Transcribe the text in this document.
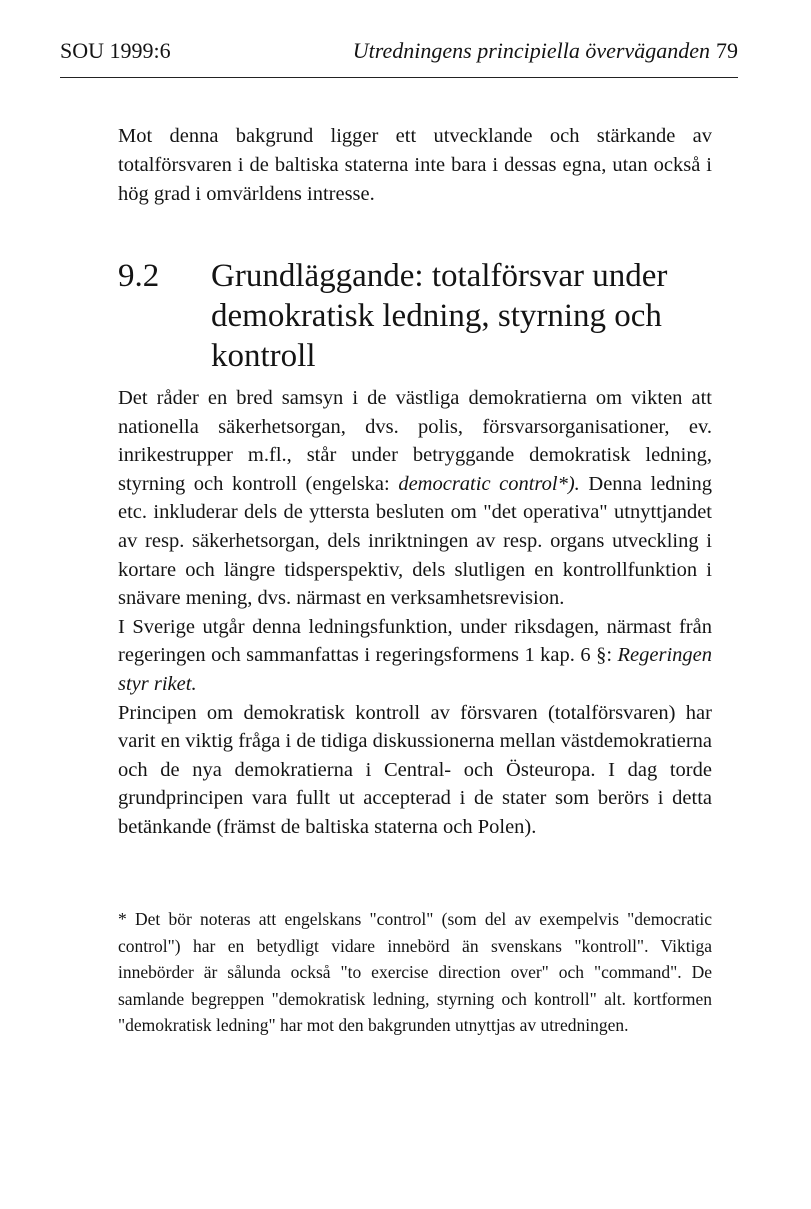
SOU 1999:6	Utredningens principiella överväganden 79
Mot denna bakgrund ligger ett utvecklande och stärkande av totalförsvaren i de baltiska staterna inte bara i dessas egna, utan också i hög grad i omvärldens intresse.
9.2 Grundläggande: totalförsvar under demokratisk ledning, styrning och kontroll

Det råder en bred samsyn i de västliga demokratierna om vikten att nationella säkerhetsorgan, dvs. polis, försvarsorganisationer, ev. inrikestrupper m.fl., står under betryggande demokratisk ledning, styrning och kontroll (engelska: democratic control*). Denna ledning etc. inkluderar dels de yttersta besluten om "det operativa" utnyttjandet av resp. säkerhetsorgan, dels inriktningen av resp. organs utveckling i kortare och längre tidsperspektiv, dels slutligen en kontrollfunktion i snävare mening, dvs. närmast en verksamhetsrevision.

I Sverige utgår denna ledningsfunktion, under riksdagen, närmast från regeringen och sammanfattas i regeringsformens 1 kap. 6 §: Regeringen styr riket.

Principen om demokratisk kontroll av försvaren (totalförsvaren) har varit en viktig fråga i de tidiga diskussionerna mellan västdemokratierna och de nya demokratierna i Central- och Östeuropa. I dag torde grundprincipen vara fullt ut accepterad i de stater som berörs i detta betänkande (främst de baltiska staterna och Polen).

* Det bör noteras att engelskans "control" (som del av exempelvis "democratic control") har en betydligt vidare innebörd än svenskans "kontroll". Viktiga innebörder är sålunda också "to exercise direction over" och "command". De samlande begreppen "demokratisk ledning, styrning och kontroll" alt. kortformen "demokratisk ledning" har mot den bakgrunden utnyttjas av utredningen.
